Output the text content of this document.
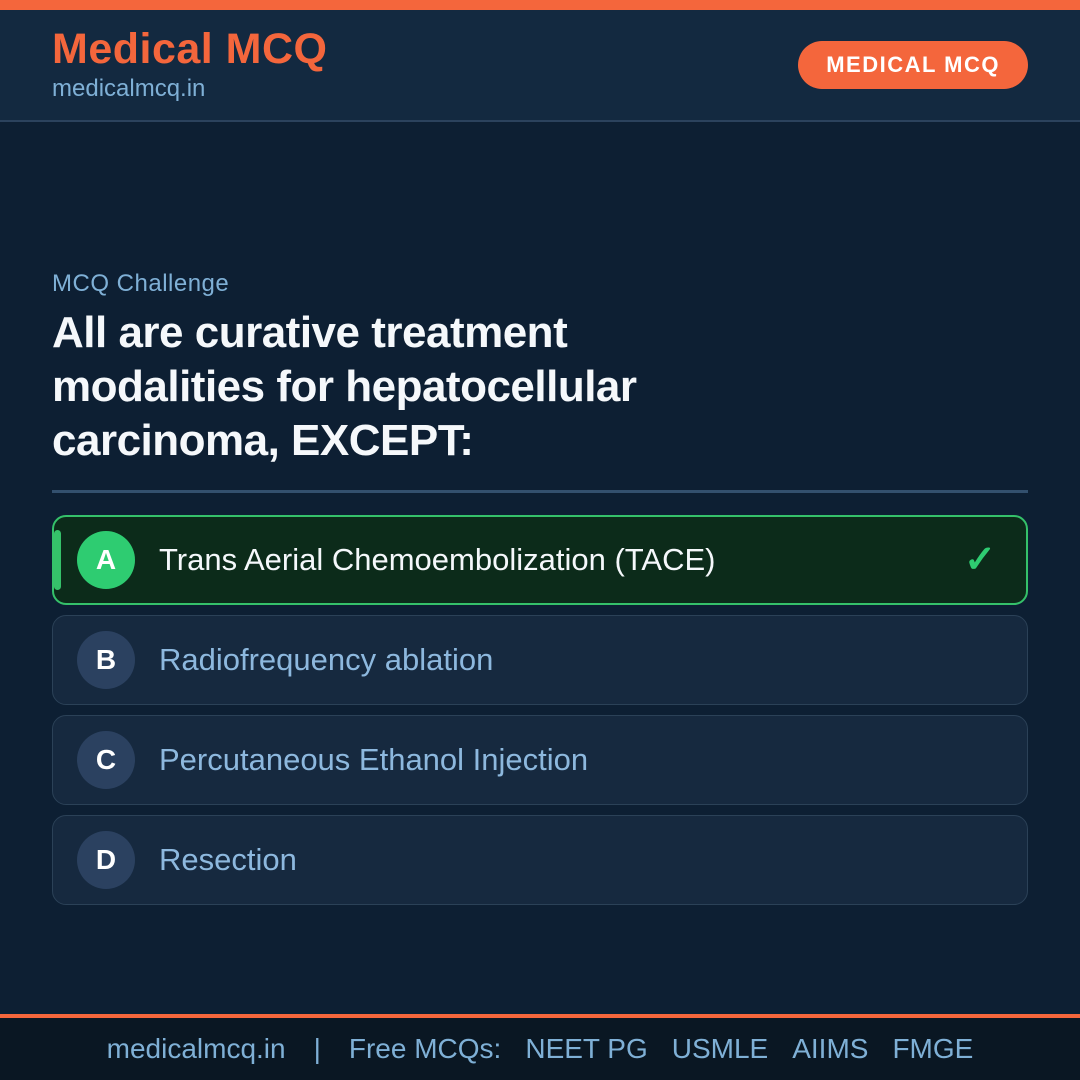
Medical MCQ
medicalmcq.in
MEDICAL MCQ
MCQ Challenge
All are curative treatment
modalities for hepatocellular
carcinoma, EXCEPT:
A	Trans Aerial Chemoembolization (TACE)	✓
B	Radiofrequency ablation
C	Percutaneous Ethanol Injection
D	Resection
medicalmcq.in | Free MCQs: NEET PG USMLE AIIMS FMGE
